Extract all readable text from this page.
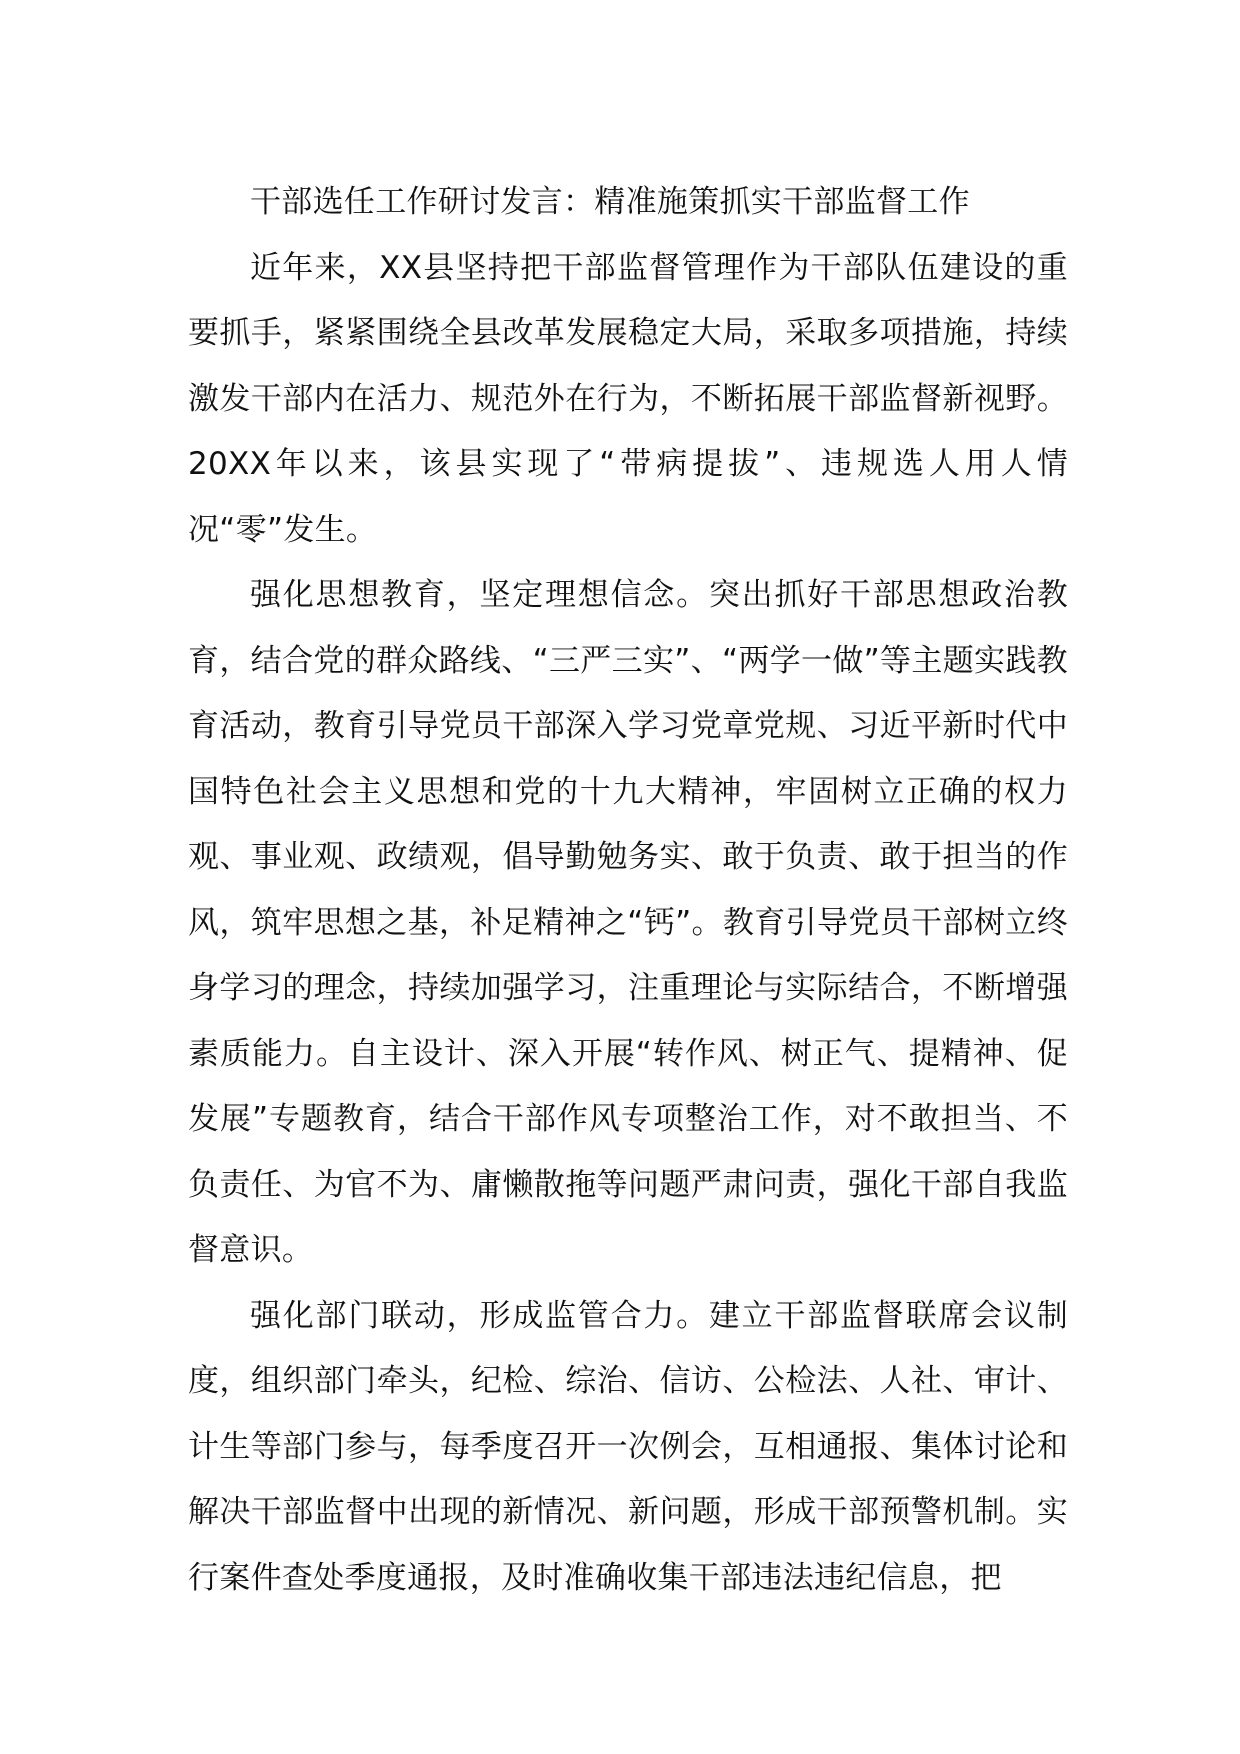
干部选任工作研讨发言：精准施策抓实干部监督工作

近年来，XX县坚持把干部监督管理作为干部队伍建设的重要抓手，紧紧围绕全县改革发展稳定大局，采取多项措施，持续激发干部内在活力、规范外在行为，不断拓展干部监督新视野。20XX年以来，该县实现了“带病提拔”、违规选人用人情况“零”发生。

强化思想教育，坚定理想信念。突出抓好干部思想政治教育，结合党的群众路线、“三严三实”、“两学一做”等主题实践教育活动，教育引导党员干部深入学习党章党规、习近平新时代中国特色社会主义思想和党的十九大精神，牢固树立正确的权力观、事业观、政绩观，倡导勤勉务实、敢于负责、敢于担当的作风，筑牢思想之基，补足精神之“钙”。教育引导党员干部树立终身学习的理念，持续加强学习，注重理论与实际结合，不断增强素质能力。自主设计、深入开展“转作风、树正气、提精神、促发展”专题教育，结合干部作风专项整治工作，对不敢担当、不负责任、为官不为、庸懒散拖等问题严肃问责，强化干部自我监督意识。

强化部门联动，形成监管合力。建立干部监督联席会议制度，组织部门牵头，纪检、综治、信访、公检法、人社、审计、计生等部门参与，每季度召开一次例会，互相通报、集体讨论和解决干部监督中出现的新情况、新问题，形成干部预警机制。实行案件查处季度通报，及时准确收集干部违法违纪信息，把
